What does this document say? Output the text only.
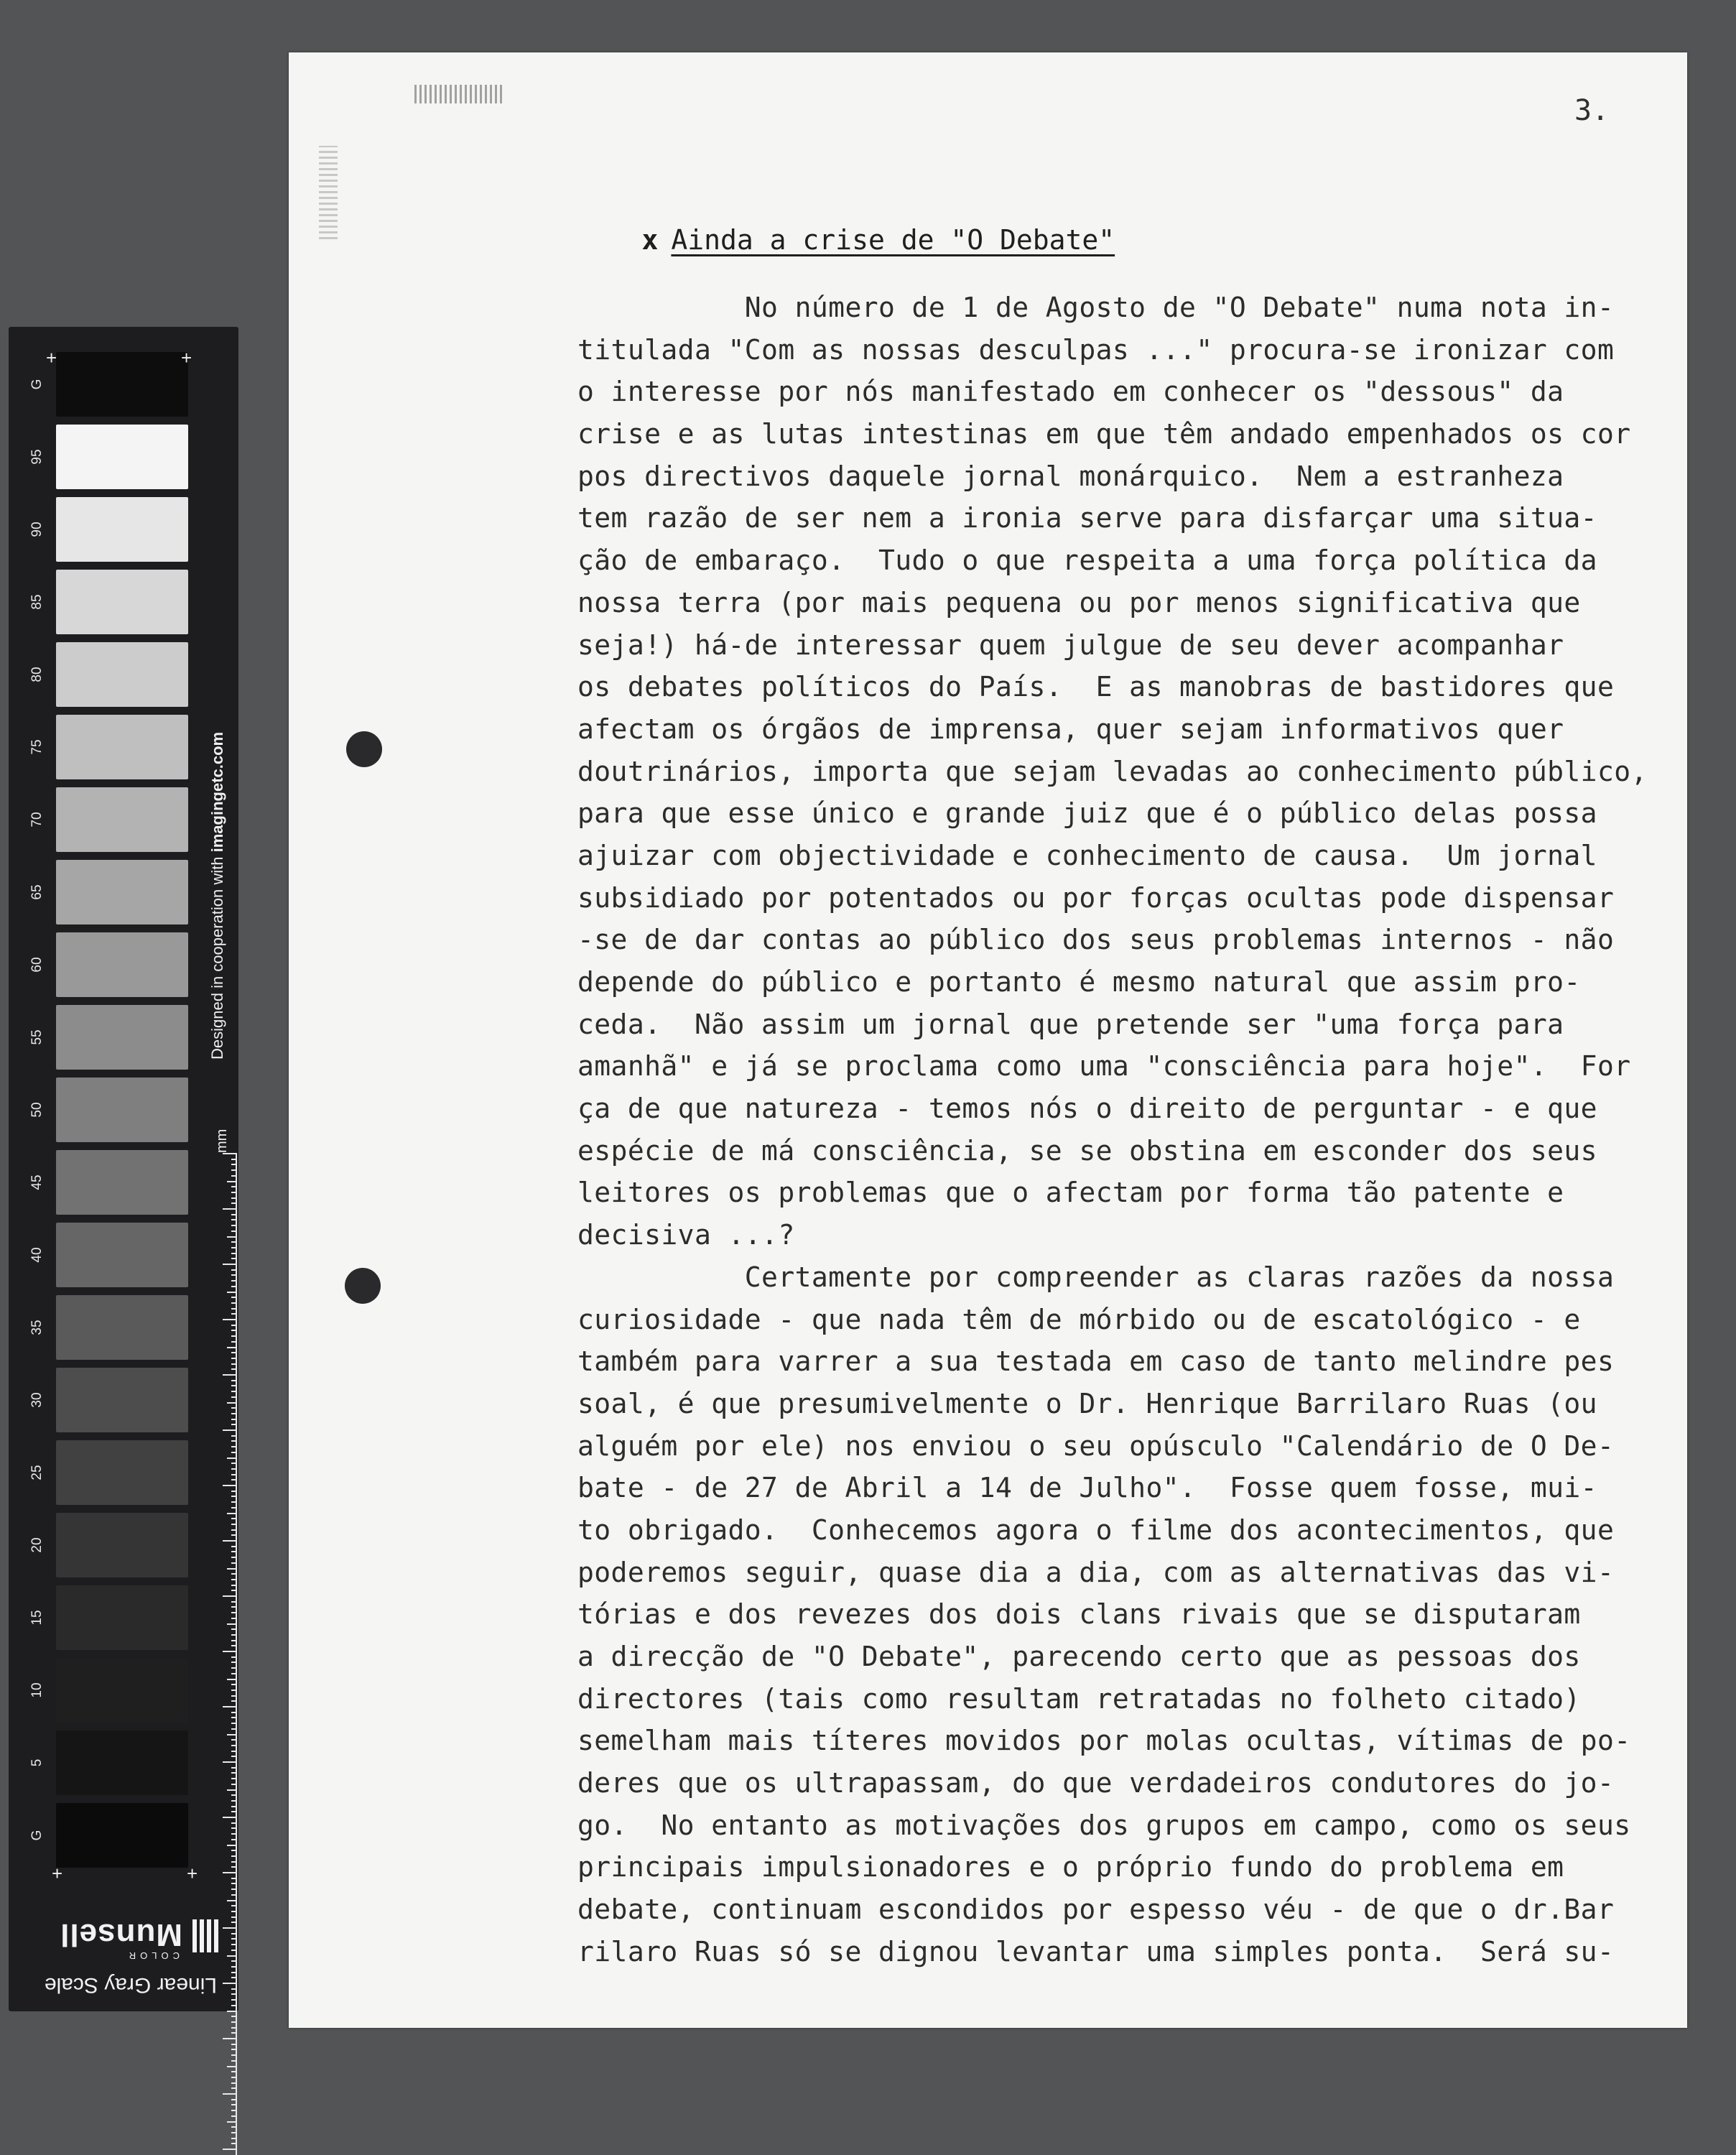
G
95
90
85
80
75
70
65
60
55
50
45
40
35
30
25
20
15
10
5
G
+	+
+	+
Designed in cooperation with imagingetc.com
mm
Linear Gray Scale
COLOR
Munsell
3.

x Ainda a crise de "O Debate"

No número de 1 de Agosto de "O Debate" numa nota in-
titulada "Com as nossas desculpas ..." procura-se ironizar com
o interesse por nós manifestado em conhecer os "dessous" da
crise e as lutas intestinas em que têm andado empenhados os cor
pos directivos daquele jornal monárquico.  Nem a estranheza
tem razão de ser nem a ironia serve para disfarçar uma situa-
ção de embaraço.  Tudo o que respeita a uma força política da
nossa terra (por mais pequena ou por menos significativa que
seja!) há-de interessar quem julgue de seu dever acompanhar
os debates políticos do País.  E as manobras de bastidores que
afectam os órgãos de imprensa, quer sejam informativos quer
doutrinários, importa que sejam levadas ao conhecimento público,
para que esse único e grande juiz que é o público delas possa
ajuizar com objectividade e conhecimento de causa.  Um jornal
subsidiado por potentados ou por forças ocultas pode dispensar
-se de dar contas ao público dos seus problemas internos - não
depende do público e portanto é mesmo natural que assim pro-
ceda.  Não assim um jornal que pretende ser "uma força para
amanhã" e já se proclama como uma "consciência para hoje".  For
ça de que natureza - temos nós o direito de perguntar - e que
espécie de má consciência, se se obstina em esconder dos seus
leitores os problemas que o afectam por forma tão patente e
decisiva ...?
Certamente por compreender as claras razões da nossa
curiosidade - que nada têm de mórbido ou de escatológico - e
também para varrer a sua testada em caso de tanto melindre pes
soal, é que presumivelmente o Dr. Henrique Barrilaro Ruas (ou
alguém por ele) nos enviou o seu opúsculo "Calendário de O De-
bate - de 27 de Abril a 14 de Julho".  Fosse quem fosse, mui-
to obrigado.  Conhecemos agora o filme dos acontecimentos, que
poderemos seguir, quase dia a dia, com as alternativas das vi-
tórias e dos revezes dos dois clans rivais que se disputaram
a direcção de "O Debate", parecendo certo que as pessoas dos
directores (tais como resultam retratadas no folheto citado)
semelham mais títeres movidos por molas ocultas, vítimas de po-
deres que os ultrapassam, do que verdadeiros condutores do jo-
go.  No entanto as motivações dos grupos em campo, como os seus
principais impulsionadores e o próprio fundo do problema em
debate, continuam escondidos por espesso véu - de que o dr.Bar
rilaro Ruas só se dignou levantar uma simples ponta.  Será su-
